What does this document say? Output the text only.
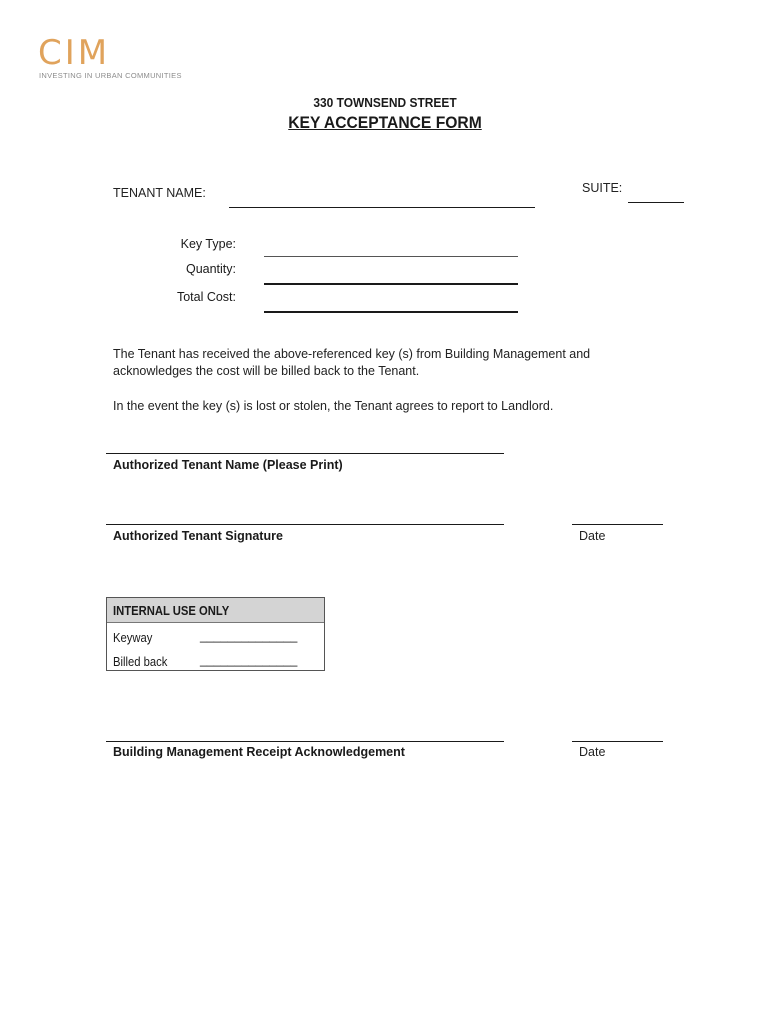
CIM
INVESTING IN URBAN COMMUNITIES
330 TOWNSEND STREET
KEY ACCEPTANCE FORM
TENANT NAME:	SUITE:
Key Type:
Quantity:
Total Cost:
The Tenant has received the above-referenced key (s) from Building Management and
acknowledges the cost will be billed back to the Tenant.
In the event the key (s) is lost or stolen, the Tenant agrees to report to Landlord.
Authorized Tenant Name (Please Print)
Authorized Tenant Signature	Date
INTERNAL USE ONLY
Keyway	______________
Billed back	______________
Building Management Receipt Acknowledgement	Date
